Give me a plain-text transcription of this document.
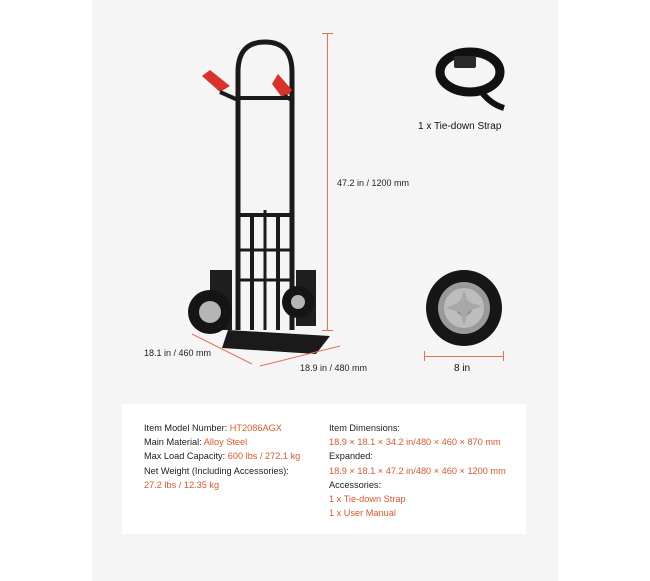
47.2 in / 1200 mm
18.1 in / 460 mm
18.9 in / 480 mm
1 x Tie-down Strap
8 in
Item Model Number: HT2086AGX
Main Material: Alloy Steel
Max Load Capacity: 600 lbs / 272.1 kg
Net Weight (Including Accessories):
27.2 lbs / 12.35 kg
Item Dimensions:
18.9 × 18.1 × 34.2 in/480 × 460 × 870 mm
Expanded:
18.9 × 18.1 × 47.2 in/480 × 460 × 1200 mm
Accessories:
1 x Tie-down Strap
1 x User Manual
